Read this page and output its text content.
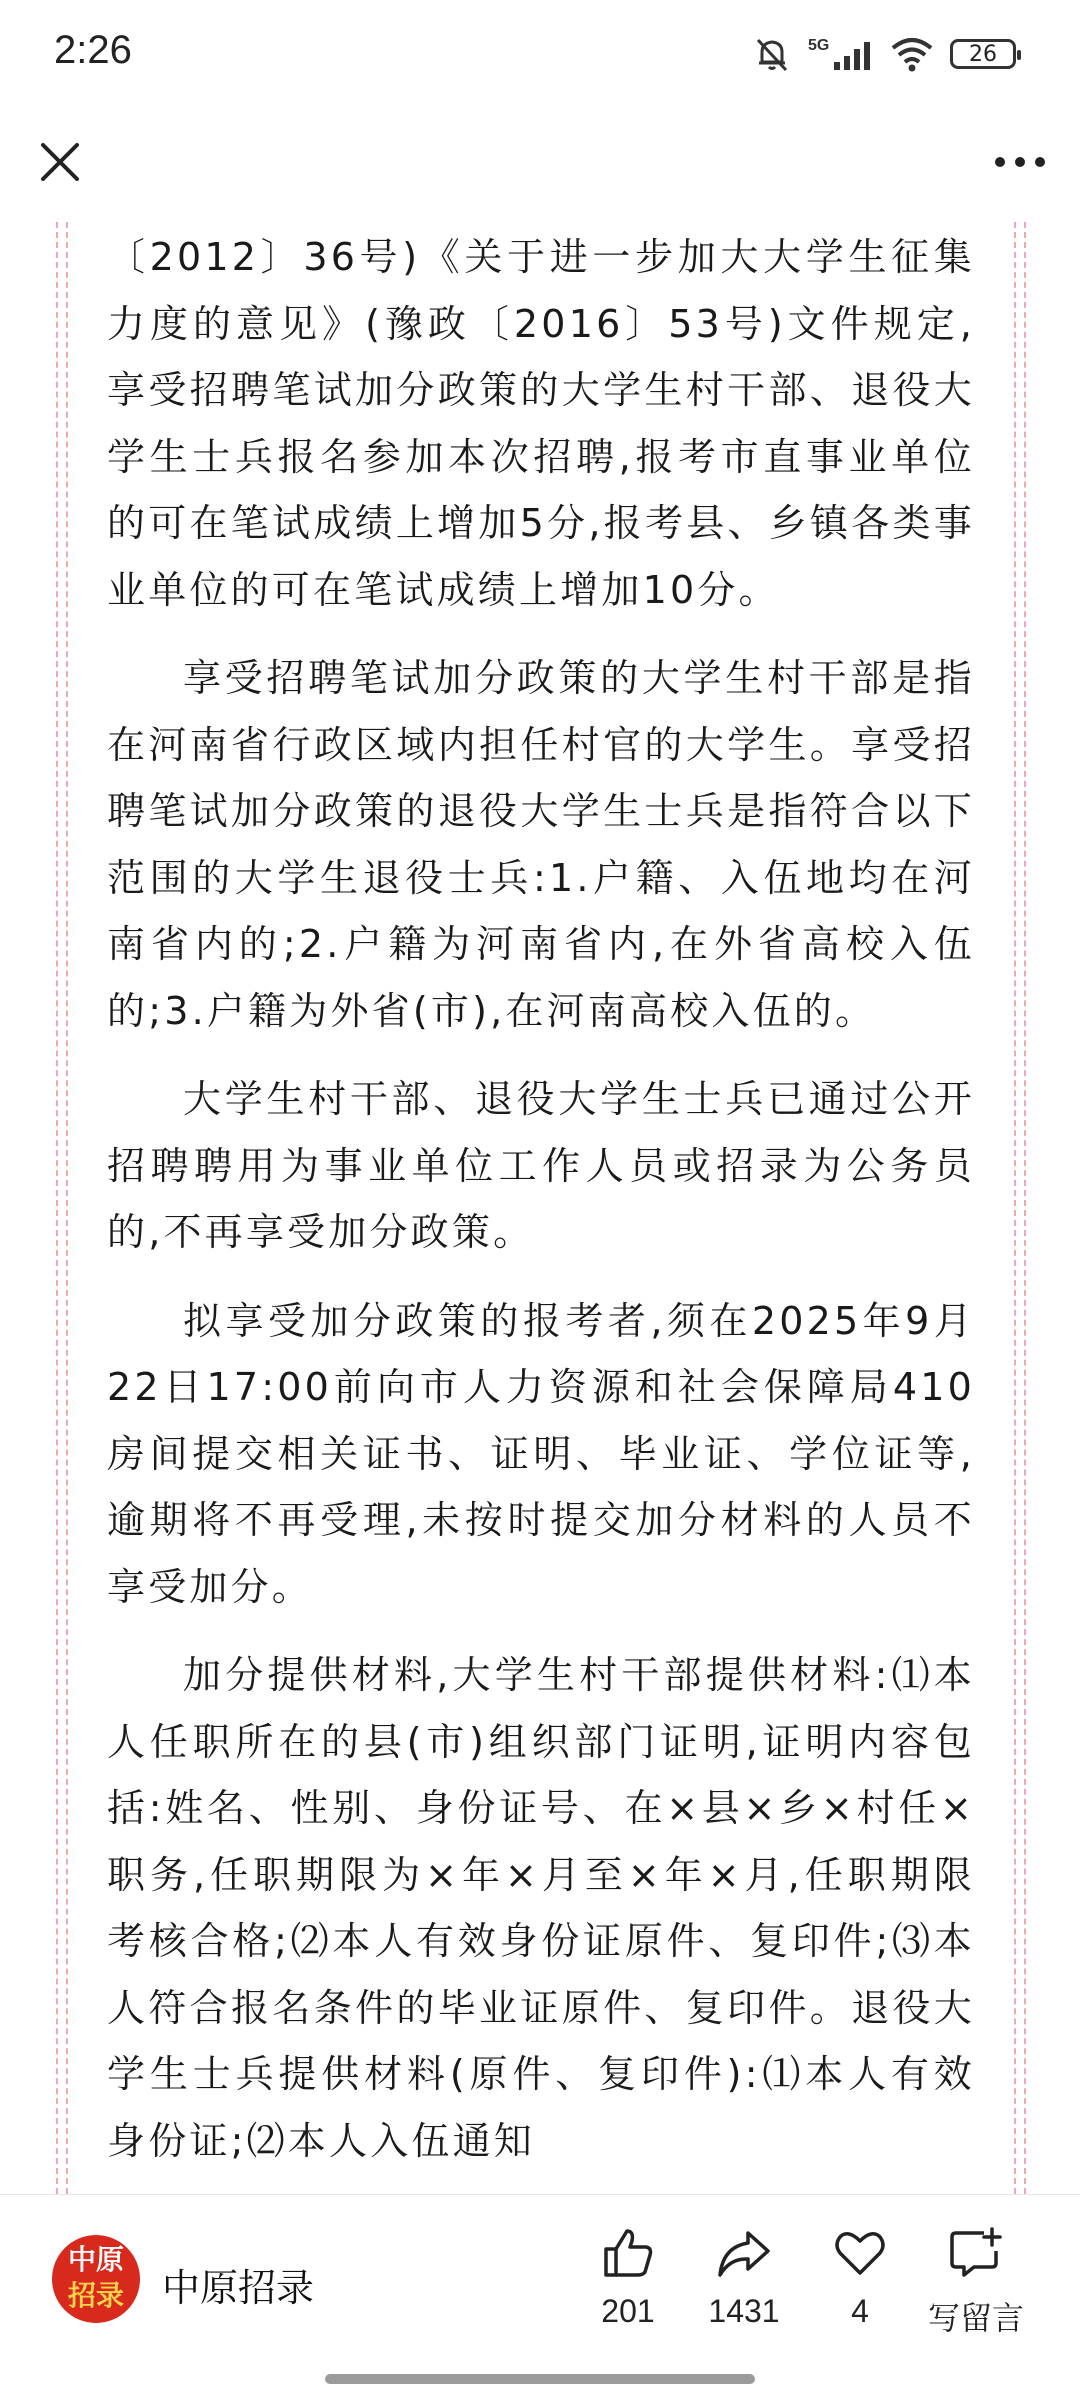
2:26	5G	26

〔2012〕36号)《关于进一步加大大学生征集力度的意见》(豫政〔2016〕53号)文件规定,享受招聘笔试加分政策的大学生村干部、退役大学生士兵报名参加本次招聘,报考市直事业单位的可在笔试成绩上增加5分,报考县、乡镇各类事业单位的可在笔试成绩上增加10分。

享受招聘笔试加分政策的大学生村干部是指在河南省行政区域内担任村官的大学生。享受招聘笔试加分政策的退役大学生士兵是指符合以下范围的大学生退役士兵:1.户籍、入伍地均在河南省内的;2.户籍为河南省内,在外省高校入伍的;3.户籍为外省(市),在河南高校入伍的。

大学生村干部、退役大学生士兵已通过公开招聘聘用为事业单位工作人员或招录为公务员的,不再享受加分政策。

拟享受加分政策的报考者,须在2025年9月22日17:00前向市人力资源和社会保障局410房间提交相关证书、证明、毕业证、学位证等,逾期将不再受理,未按时提交加分材料的人员不享受加分。

加分提供材料,大学生村干部提供材料:⑴本人任职所在的县(市)组织部门证明,证明内容包括:姓名、性别、身份证号、在×县×乡×村任×职务,任职期限为×年×月至×年×月,任职期限考核合格;⑵本人有效身份证原件、复印件;⑶本人符合报名条件的毕业证原件、复印件。退役大学生士兵提供材料(原件、复印件):⑴本人有效身份证;⑵本人入伍通知

中原
招录	中原招录
201	1431	4	写留言
